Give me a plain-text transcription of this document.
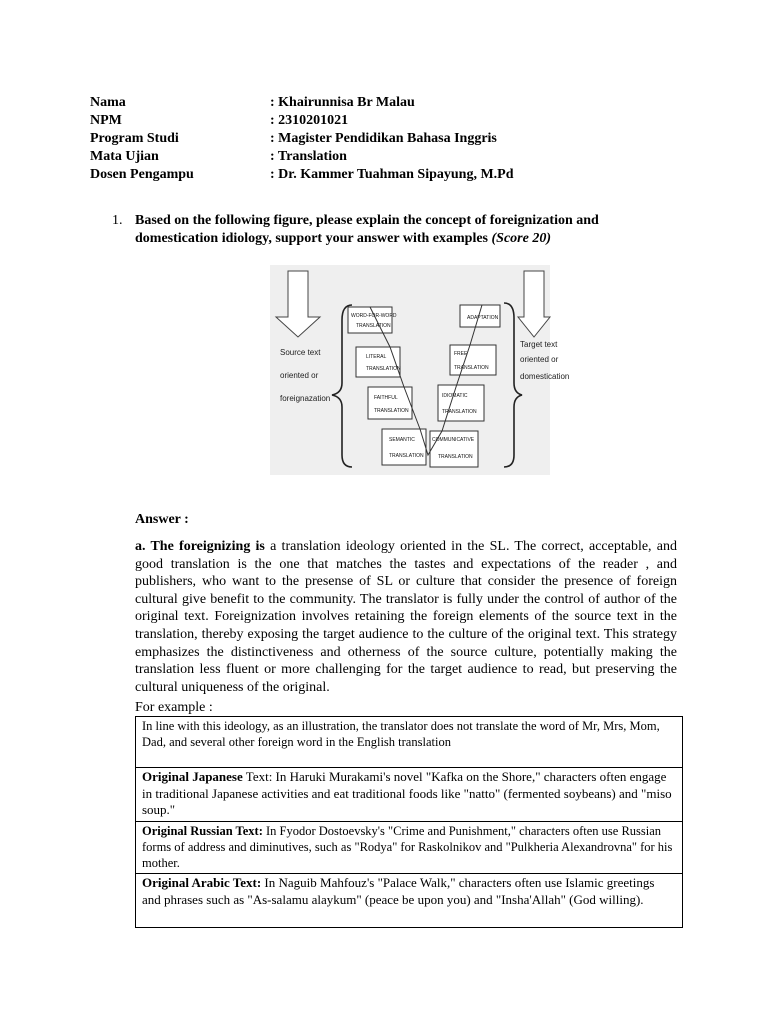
Nama	: Khairunnisa Br Malau
NPM	: 2310201021
Program Studi	: Magister Pendidikan Bahasa Inggris
Mata Ujian	: Translation
Dosen Pengampu	: Dr. Kammer Tuahman Sipayung, M.Pd
1. Based on the following figure, please explain the concept of foreignization and domestication idiology, support your answer with examples (Score 20)
Source text
oriented or
foreignazation
Target text
oriented or
domestication
WORD-FOR-WORD
TRANSLATION
LITERAL
TRANSLATION
FAITHFUL
TRANSLATION
SEMANTIC
TRANSLATION
ADAPTATION
FREE
TRANSLATION
IDIOMATIC
TRANSLATION
COMMUNICATIVE
TRANSLATION
Answer :
a. The foreignizing is a translation ideology oriented in the SL. The correct, acceptable, and good translation is the one that matches the tastes and expectations of the reader , and publishers, who want to the presense of SL or culture that consider the presence of foreign cultural give benefit to the community. The translator is fully under the control of author of the original text. Foreignization involves retaining the foreign elements of the source text in the translation, thereby exposing the target audience to the culture of the original text. This strategy emphasizes the distinctiveness and otherness of the source culture, potentially making the translation less fluent or more challenging for the target audience to read, but preserving the cultural uniqueness of the original.
For example :
In line with this ideology, as an illustration, the translator does not translate the word of Mr, Mrs, Mom, Dad, and several other foreign word in the English translation
Original Japanese Text: In Haruki Murakami's novel "Kafka on the Shore," characters often engage in traditional Japanese activities and eat traditional foods like "natto" (fermented soybeans) and "miso soup."
Original Russian Text: In Fyodor Dostoevsky's "Crime and Punishment," characters often use Russian forms of address and diminutives, such as "Rodya" for Raskolnikov and "Pulkheria Alexandrovna" for his mother.
Original Arabic Text: In Naguib Mahfouz's "Palace Walk," characters often use Islamic greetings and phrases such as "As-salamu alaykum" (peace be upon you) and "Insha'Allah" (God willing).
